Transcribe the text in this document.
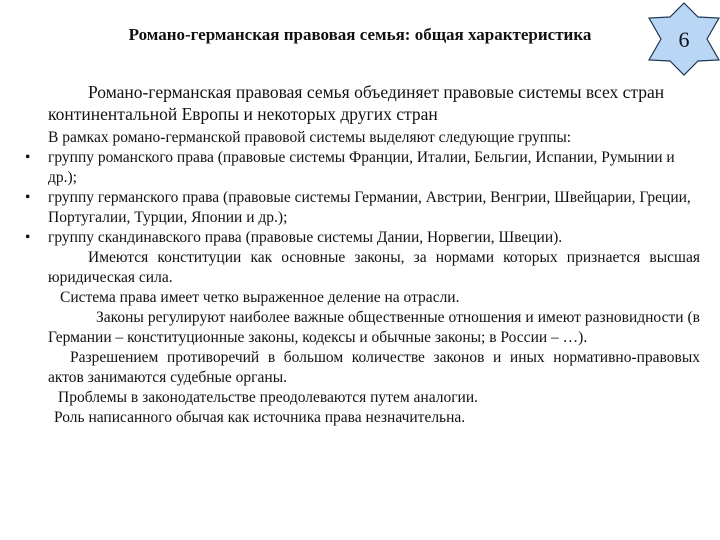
Романо-германская правовая семья: общая характеристика	6

Романо-германская правовая семья объединяет правовые системы всех стран континентальной Европы и некоторых других стран

В рамках романо-германской правовой системы выделяют следующие группы:

• группу романского права (правовые системы Франции, Италии, Бельгии, Испании, Румынии и др.);
• группу германского права (правовые системы Германии, Австрии, Венгрии, Швейцарии, Греции, Португалии, Турции, Японии и др.);
• группу скандинавского права (правовые системы Дании, Норвегии, Швеции).

Имеются конституции как основные законы, за нормами которых признается высшая юридическая сила.

Система права имеет четко выраженное деление на отрасли.

Законы регулируют наиболее важные общественные отношения и имеют разновидности (в Германии – конституционные законы, кодексы и обычные законы; в России – …).

Разрешением противоречий в большом количестве законов и иных нормативно-правовых актов занимаются судебные органы.

Проблемы в законодательстве преодолеваются путем аналогии.

Роль написанного обычая как источника права незначительна.
